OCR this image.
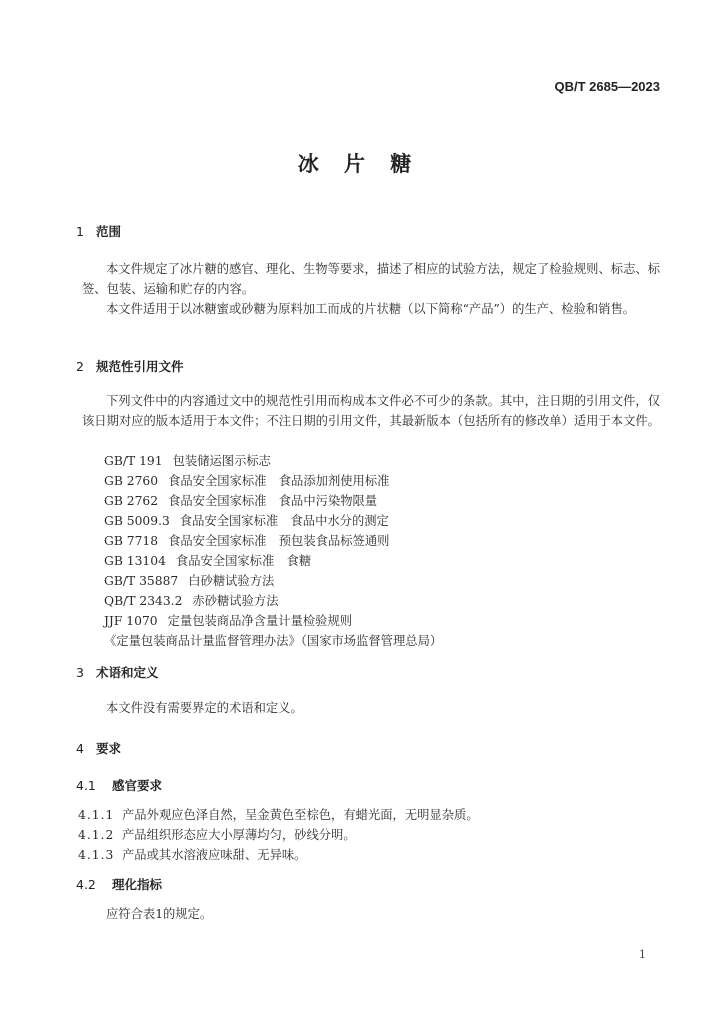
QB/T 2685—2023
冰 片 糖
1 范围
本文件规定了冰片糖的感官、理化、生物等要求，描述了相应的试验方法，规定了检验规则、标志、标签、包装、运输和贮存的内容。
本文件适用于以冰糖蜜或砂糖为原料加工而成的片状糖（以下简称“产品”）的生产、检验和销售。
2 规范性引用文件
下列文件中的内容通过文中的规范性引用而构成本文件必不可少的条款。其中，注日期的引用文件，仅该日期对应的版本适用于本文件；不注日期的引用文件，其最新版本（包括所有的修改单）适用于本文件。
GB/T 191 包装储运图示标志
GB 2760 食品安全国家标准　食品添加剂使用标准
GB 2762 食品安全国家标准　食品中污染物限量
GB 5009.3 食品安全国家标准　食品中水分的测定
GB 7718 食品安全国家标准　预包装食品标签通则
GB 13104 食品安全国家标准　食糖
GB/T 35887 白砂糖试验方法
QB/T 2343.2 赤砂糖试验方法
JJF 1070 定量包装商品净含量计量检验规则
《定量包装商品计量监督管理办法》（国家市场监督管理总局）
3 术语和定义
本文件没有需要界定的术语和定义。
4 要求
4.1 感官要求
4.1.1 产品外观应色泽自然，呈金黄色至棕色，有蜡光面，无明显杂质。
4.1.2 产品组织形态应大小厚薄均匀，砂线分明。
4.1.3 产品或其水溶液应味甜、无异味。
4.2 理化指标
应符合表1的规定。
1
